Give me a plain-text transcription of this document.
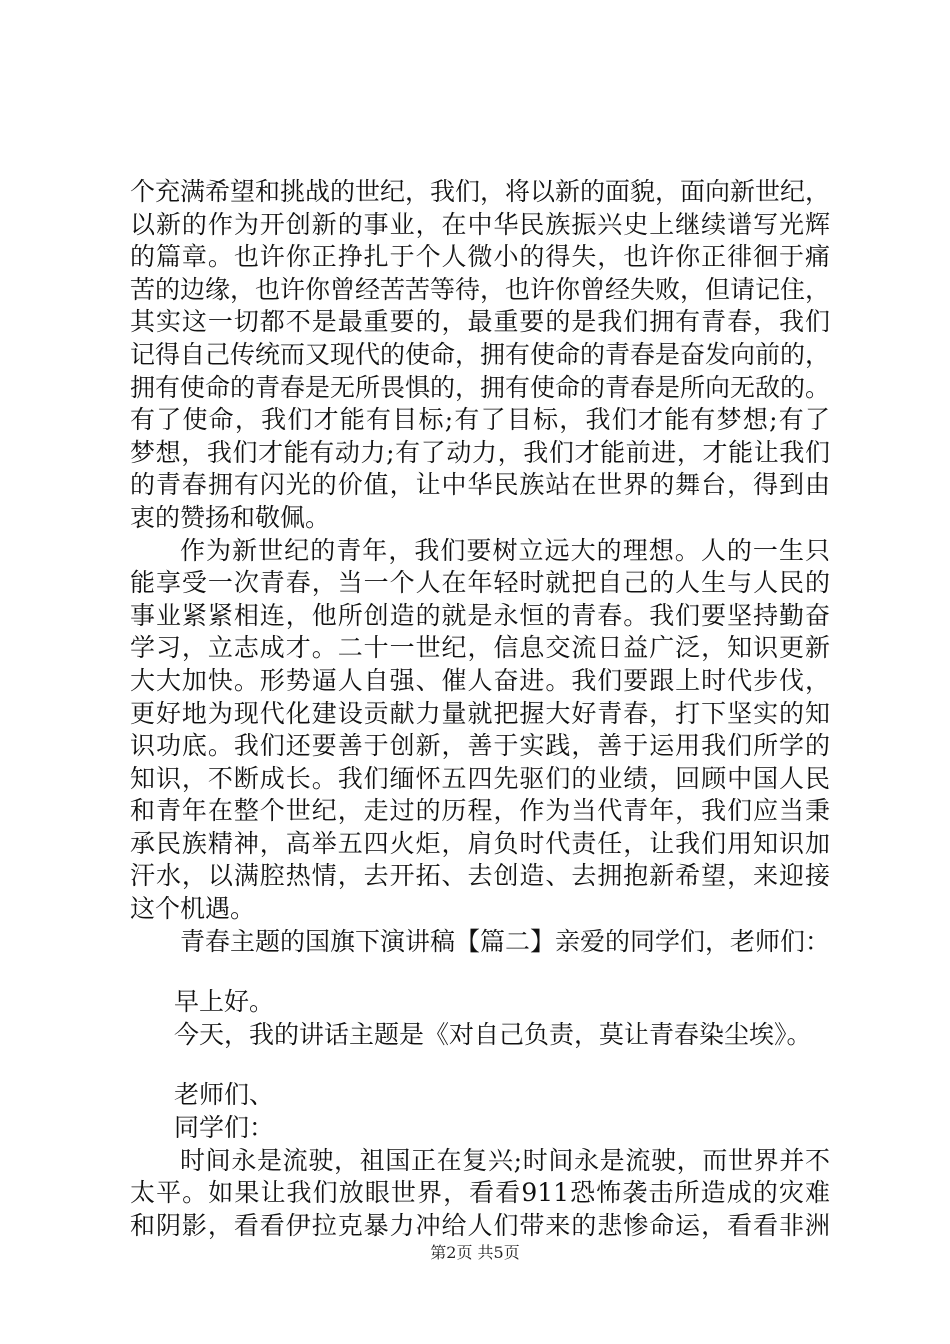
个充满希望和挑战的世纪，我们，将以新的面貌，面向新世纪，
以新的作为开创新的事业，在中华民族振兴史上继续谱写光辉
的篇章。也许你正挣扎于个人微小的得失，也许你正徘徊于痛
苦的边缘，也许你曾经苦苦等待，也许你曾经失败，但请记住，
其实这一切都不是最重要的，最重要的是我们拥有青春，我们
记得自己传统而又现代的使命，拥有使命的青春是奋发向前的，
拥有使命的青春是无所畏惧的，拥有使命的青春是所向无敌的。
有了使命，我们才能有目标;有了目标，我们才能有梦想;有了
梦想，我们才能有动力;有了动力，我们才能前进，才能让我们
的青春拥有闪光的价值，让中华民族站在世界的舞台，得到由
衷的赞扬和敬佩。
作为新世纪的青年，我们要树立远大的理想。人的一生只
能享受一次青春，当一个人在年轻时就把自己的人生与人民的
事业紧紧相连，他所创造的就是永恒的青春。我们要坚持勤奋
学习，立志成才。二十一世纪，信息交流日益广泛，知识更新
大大加快。形势逼人自强、催人奋进。我们要跟上时代步伐，
更好地为现代化建设贡献力量就把握大好青春，打下坚实的知
识功底。我们还要善于创新，善于实践，善于运用我们所学的
知识，不断成长。我们缅怀五四先驱们的业绩，回顾中国人民
和青年在整个世纪，走过的历程，作为当代青年，我们应当秉
承民族精神，高举五四火炬，肩负时代责任，让我们用知识加
汗水，以满腔热情，去开拓、去创造、去拥抱新希望，来迎接
这个机遇。
青春主题的国旗下演讲稿【篇二】亲爱的同学们，老师们：
早上好。
今天，我的讲话主题是《对自己负责，莫让青春染尘埃》。
老师们、
同学们：
时间永是流驶，祖国正在复兴;时间永是流驶，而世界并不
太平。如果让我们放眼世界，看看911恐怖袭击所造成的灾难
和阴影，看看伊拉克暴力冲给人们带来的悲惨命运，看看非洲
第2页 共5页
